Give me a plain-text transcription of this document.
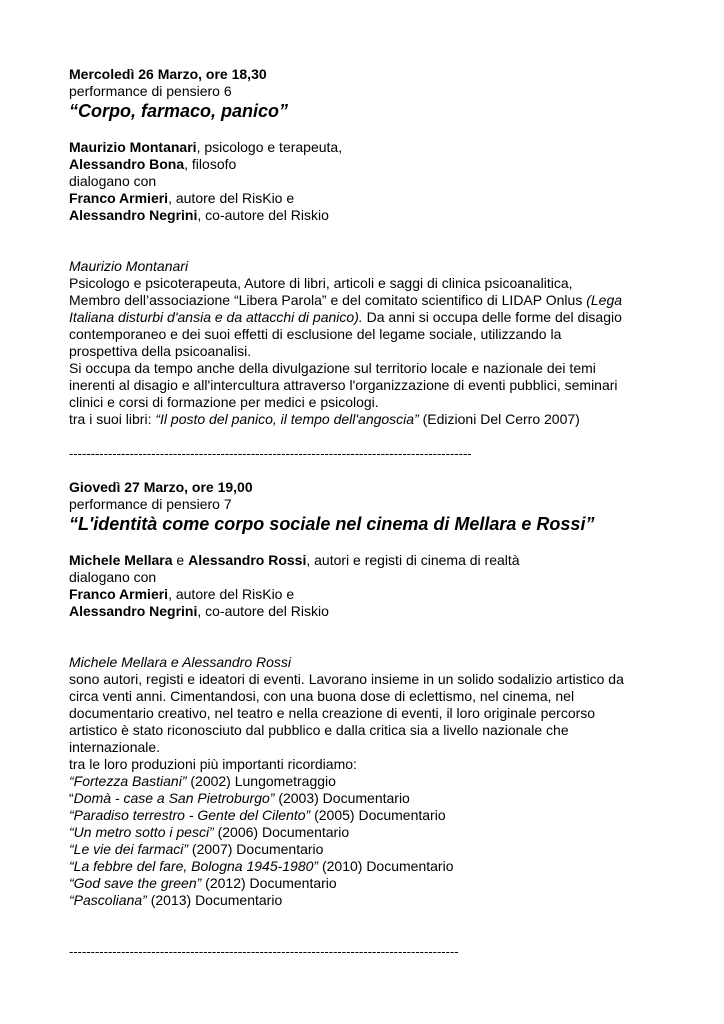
Mercoledì 26 Marzo, ore 18,30
performance di pensiero 6
“Corpo, farmaco, panico”
Maurizio Montanari, psicologo e terapeuta,
Alessandro Bona, filosofo
dialogano con
Franco Armieri, autore del RisKio e
Alessandro Negrini, co-autore del Riskio
Maurizio Montanari
Psicologo e psicoterapeuta, Autore di libri, articoli e saggi di clinica psicoanalitica,
Membro dell’associazione “Libera Parola” e del comitato scientifico di LIDAP Onlus (Lega
Italiana disturbi d'ansia e da attacchi di panico). Da anni si occupa delle forme del disagio
contemporaneo e dei suoi effetti di esclusione del legame sociale, utilizzando la
prospettiva della psicoanalisi.
Si occupa da tempo anche della divulgazione sul territorio locale e nazionale dei temi
inerenti al disagio e all'intercultura attraverso l'organizzazione di eventi pubblici, seminari
clinici e corsi di formazione per medici e psicologi.
tra i suoi libri: “Il posto del panico, il tempo dell'angoscia” (Edizioni Del Cerro 2007)
---------------------------------------------------------------------------------------------
Giovedì 27 Marzo, ore 19,00
performance di pensiero 7
“L'identità come corpo sociale nel cinema di Mellara e Rossi”
Michele Mellara e Alessandro Rossi, autori e registi di cinema di realtà
dialogano con
Franco Armieri, autore del RisKio e
Alessandro Negrini, co-autore del Riskio
Michele Mellara e Alessandro Rossi
sono autori, registi e ideatori di eventi. Lavorano insieme in un solido sodalizio artistico da
circa venti anni. Cimentandosi, con una buona dose di eclettismo, nel cinema, nel
documentario creativo, nel teatro e nella creazione di eventi, il loro originale percorso
artistico è stato riconosciuto dal pubblico e dalla critica sia a livello nazionale che
internazionale.
tra le loro produzioni più importanti ricordiamo:
“Fortezza Bastiani” (2002) Lungometraggio
“Domà - case a San Pietroburgo” (2003) Documentario
“Paradiso terrestro - Gente del Cilento” (2005) Documentario
“Un metro sotto i pesci” (2006) Documentario
“Le vie dei farmaci” (2007) Documentario
“La febbre del fare, Bologna 1945-1980” (2010) Documentario
“God save the green” (2012) Documentario
“Pascoliana” (2013) Documentario
------------------------------------------------------------------------------------------
